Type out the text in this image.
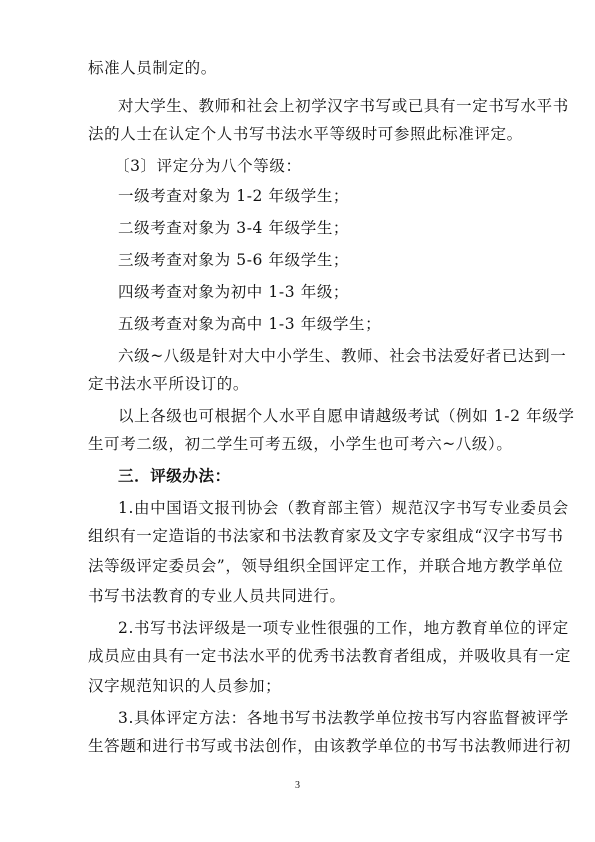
标准人员制定的。
对大学生、教师和社会上初学汉字书写或已具有一定书写水平书
法的人士在认定个人书写书法水平等级时可参照此标准评定。
〔3〕评定分为八个等级：
一级考查对象为 1-2 年级学生；
二级考查对象为 3-4 年级学生；
三级考查对象为 5-6 年级学生；
四级考查对象为初中 1-3 年级；
五级考查对象为高中 1-3 年级学生；
六级~八级是针对大中小学生、教师、社会书法爱好者已达到一
定书法水平所设订的。
以上各级也可根据个人水平自愿申请越级考试（例如 1-2 年级学
生可考二级，初二学生可考五级，小学生也可考六~八级）。
三．评级办法：
1.由中国语文报刊协会（教育部主管）规范汉字书写专业委员会
组织有一定造诣的书法家和书法教育家及文字专家组成“汉字书写书
法等级评定委员会”，领导组织全国评定工作，并联合地方教学单位
书写书法教育的专业人员共同进行。
2.书写书法评级是一项专业性很强的工作，地方教育单位的评定
成员应由具有一定书法水平的优秀书法教育者组成，并吸收具有一定
汉字规范知识的人员参加；
3.具体评定方法：各地书写书法教学单位按书写内容监督被评学
生答题和进行书写或书法创作，由该教学单位的书写书法教师进行初
3
